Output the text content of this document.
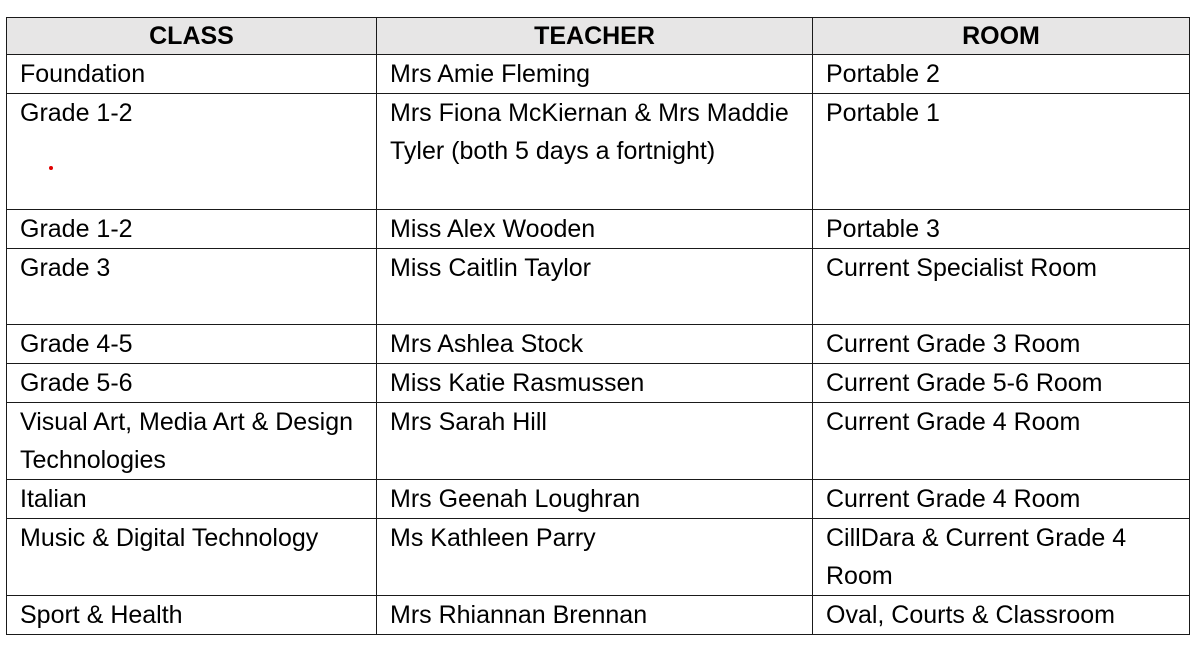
CLASS	TEACHER	ROOM
Foundation	Mrs Amie Fleming	Portable 2
Grade 1-2	Mrs Fiona McKiernan & Mrs Maddie Tyler (both 5 days a fortnight)	Portable 1
Grade 1-2	Miss Alex Wooden	Portable 3
Grade 3	Miss Caitlin Taylor	Current Specialist Room
Grade 4-5	Mrs Ashlea Stock	Current Grade 3 Room
Grade 5-6	Miss Katie Rasmussen	Current Grade 5-6 Room
Visual Art, Media Art & Design Technologies	Mrs Sarah Hill	Current Grade 4 Room
Italian	Mrs Geenah Loughran	Current Grade 4 Room
Music & Digital Technology	Ms Kathleen Parry	CillDara & Current Grade 4 Room
Sport & Health	Mrs Rhiannan Brennan	Oval, Courts & Classroom
